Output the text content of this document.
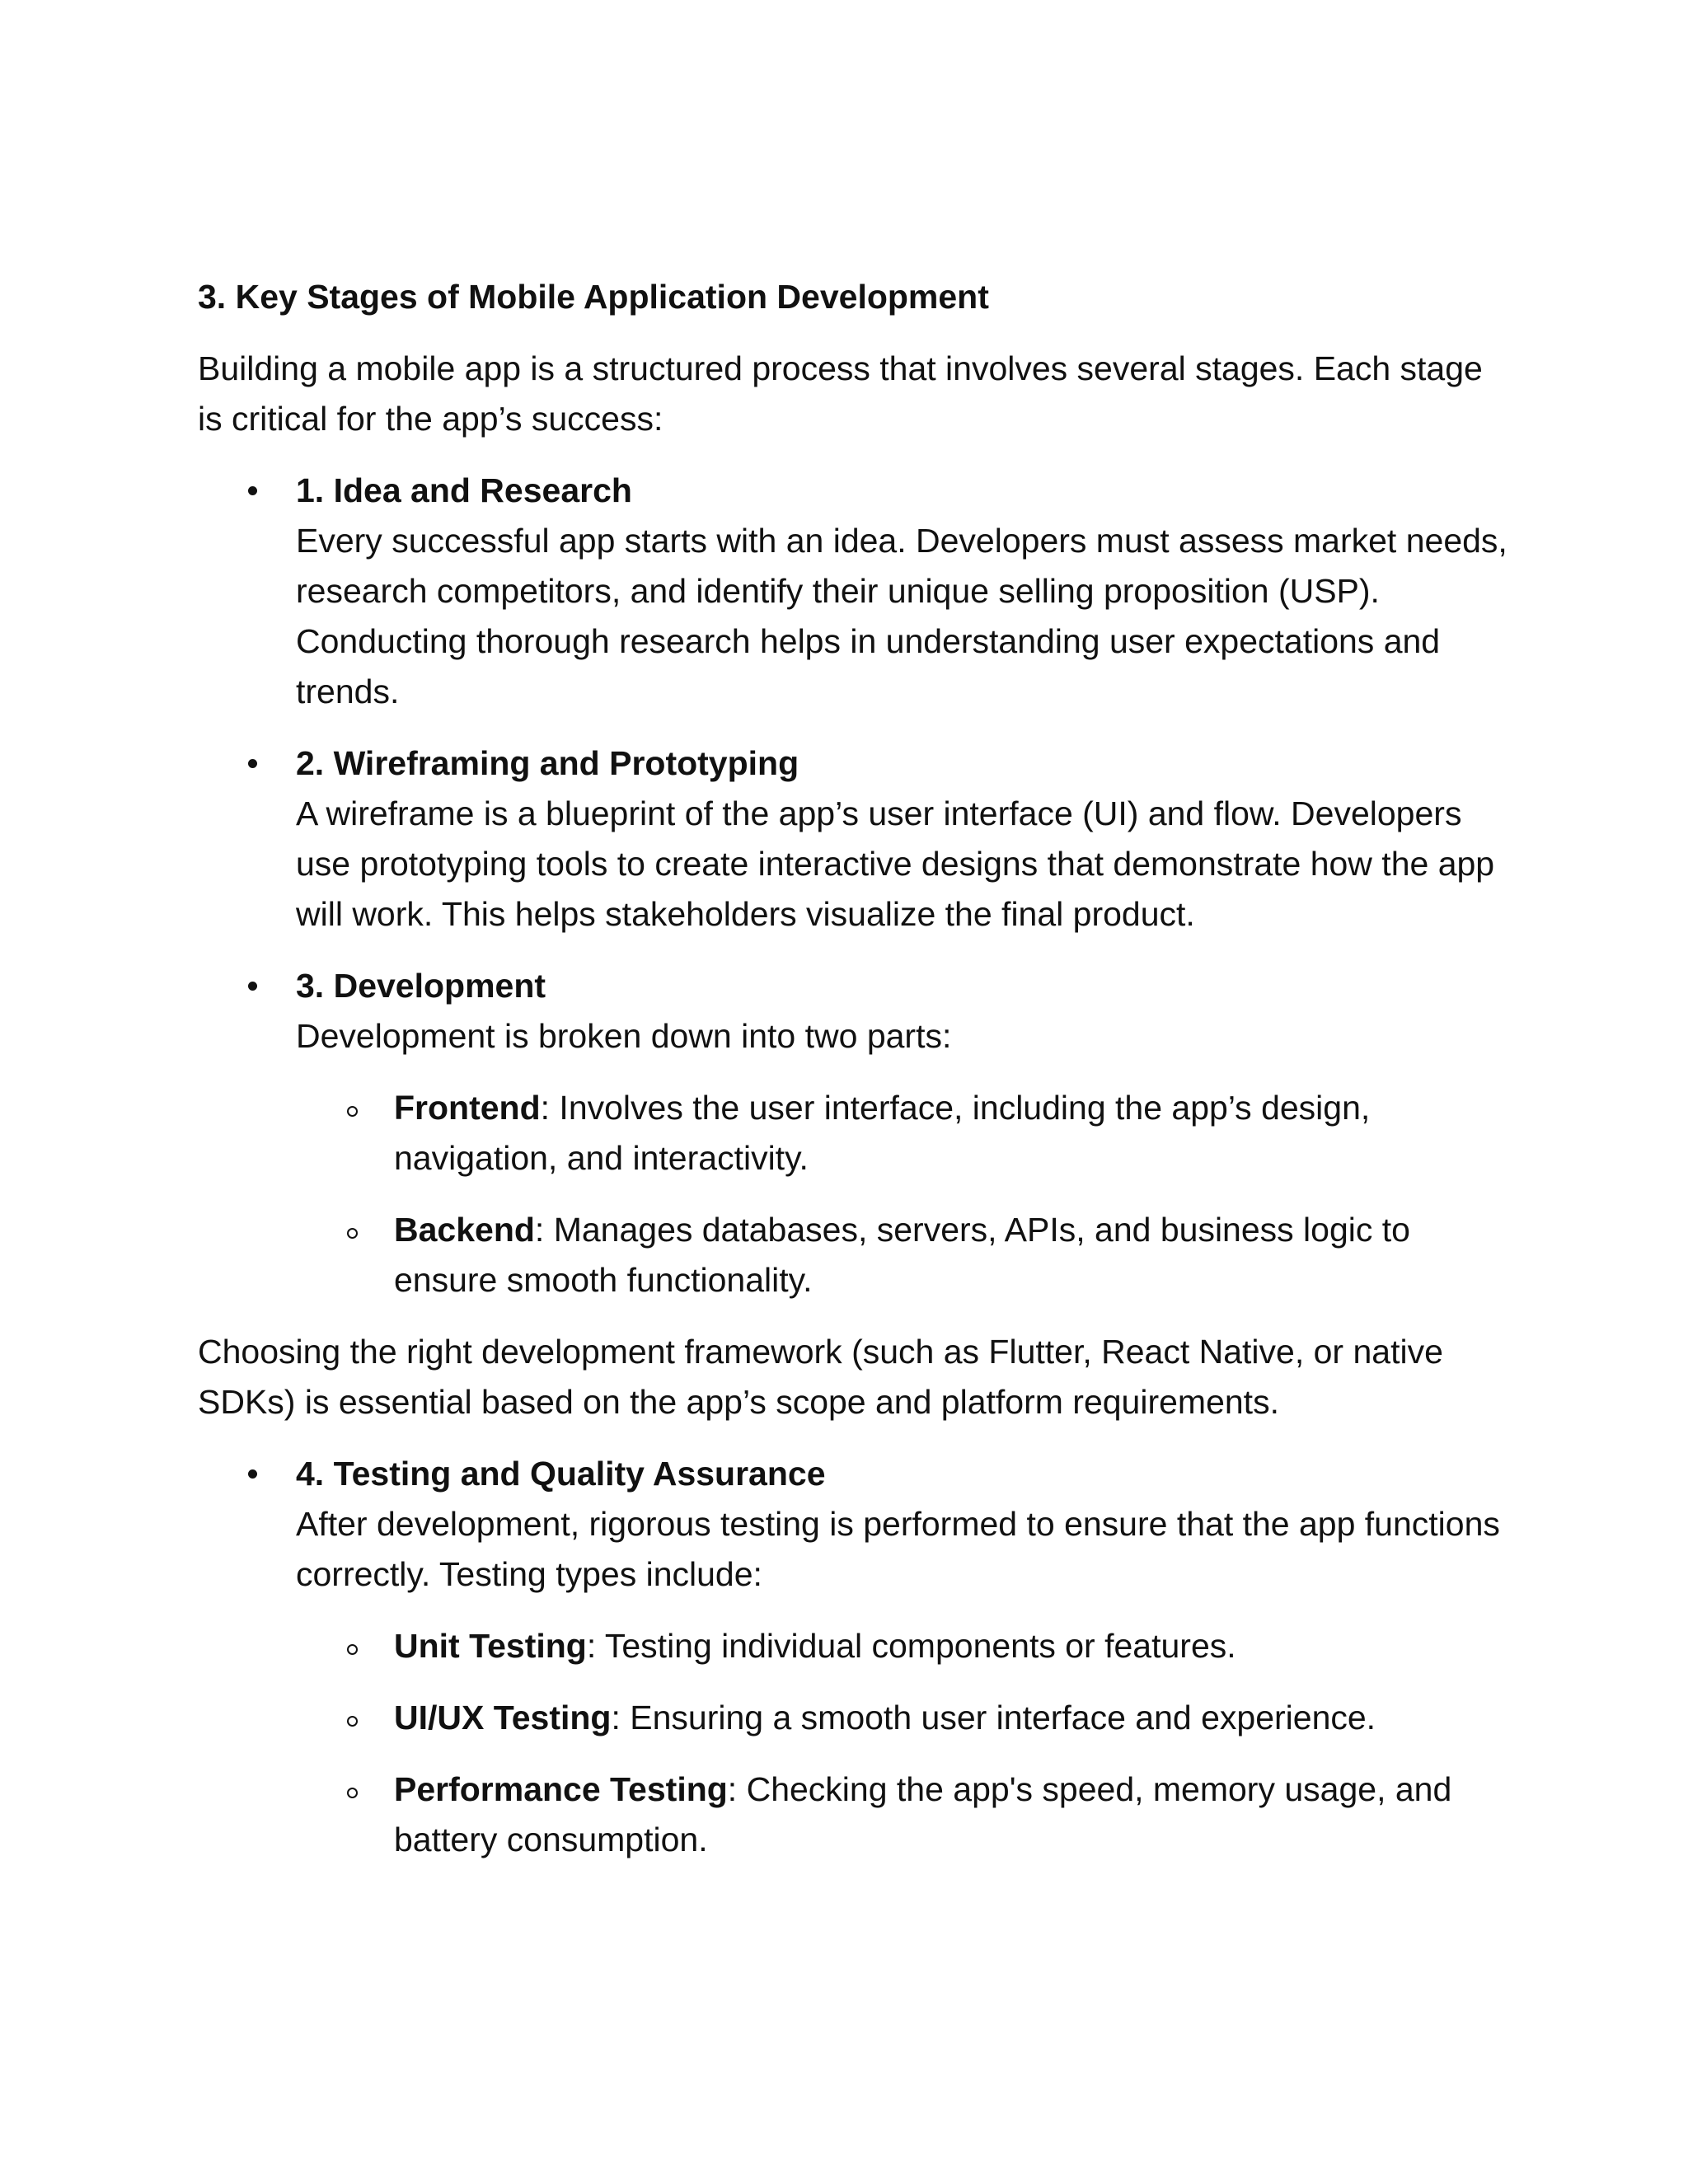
3. Key Stages of Mobile Application Development

Building a mobile app is a structured process that involves several stages. Each stage is critical for the app’s success:

1. Idea and Research
Every successful app starts with an idea. Developers must assess market needs, research competitors, and identify their unique selling proposition (USP). Conducting thorough research helps in understanding user expectations and trends.
2. Wireframing and Prototyping
A wireframe is a blueprint of the app’s user interface (UI) and flow. Developers use prototyping tools to create interactive designs that demonstrate how the app will work. This helps stakeholders visualize the final product.
3. Development
Development is broken down into two parts:
Frontend: Involves the user interface, including the app’s design, navigation, and interactivity.
Backend: Manages databases, servers, APIs, and business logic to ensure smooth functionality.

Choosing the right development framework (such as Flutter, React Native, or native SDKs) is essential based on the app’s scope and platform requirements.

4. Testing and Quality Assurance
After development, rigorous testing is performed to ensure that the app functions correctly. Testing types include:
Unit Testing: Testing individual components or features.
UI/UX Testing: Ensuring a smooth user interface and experience.
Performance Testing: Checking the app's speed, memory usage, and battery consumption.
